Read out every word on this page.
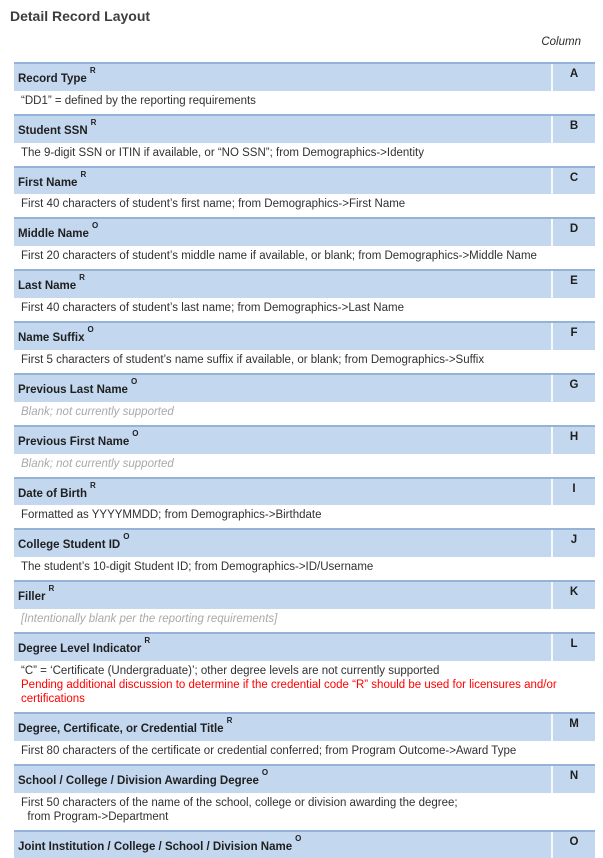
Detail Record Layout
Column
Record Type$^R$	A
“DD1” = defined by the reporting requirements
Student $SSN^R$	B
The 9-digit SSN or ITIN if available, or “NO SSN”; from Demographics->Identity
First Name$^R$	C
First 40 characters of student’s first name; from Demographics->First Name
Middle Name$^O$	D
First 20 characters of student’s middle name if available, or blank; from Demographics->Middle Name
Last Name$^R$	E
First 40 characters of student’s last name; from Demographics->Last Name
Name Suffix$^O$	F
First 5 characters of student’s name suffix if available, or blank; from Demographics->Suffix
Previous Last Name$^O$	G
Blank; not currently supported
Previous First Name$^O$	H
Blank; not currently supported
Date of Birth$^R$	I
Formatted as YYYYMMDD; from Demographics->Birthdate
College Student $ID^O$	J
The student’s 10-digit Student ID; from Demographics->ID/Username
Filler$^R$	K
[Intentionally blank per the reporting requirements]
Degree Level Indicator$^R$	L
“C” = ‘Certificate (Undergraduate)’; other degree levels are not currently supported
Pending additional discussion to determine if the credential code “R” should be used for licensures and/or certifications
Degree, Certificate, or Credential Title$^R$	M
First 80 characters of the certificate or credential conferred; from Program Outcome->Award Type
School / College / Division Awarding Degree$^O$	N
First 50 characters of the name of the school, college or division awarding the degree;
from Program->Department
Joint Institution / College / School / Division Name$^O$	O
